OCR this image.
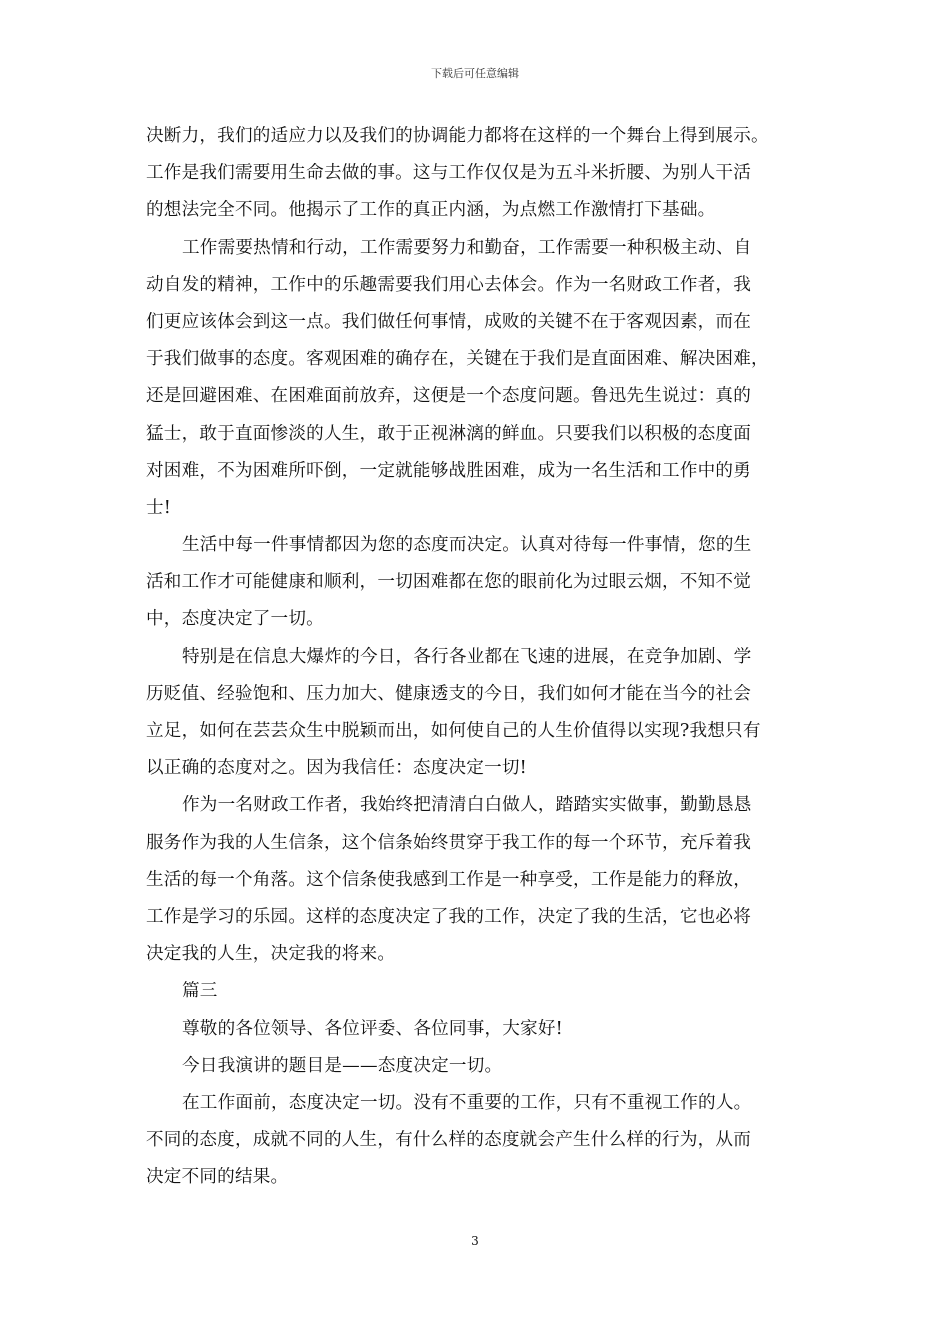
下载后可任意编辑
决断力，我们的适应力以及我们的协调能力都将在这样的一个舞台上得到展示。
工作是我们需要用生命去做的事。这与工作仅仅是为五斗米折腰、为别人干活
的想法完全不同。他揭示了工作的真正内涵，为点燃工作激情打下基础。
工作需要热情和行动，工作需要努力和勤奋，工作需要一种积极主动、自
动自发的精神，工作中的乐趣需要我们用心去体会。作为一名财政工作者，我
们更应该体会到这一点。我们做任何事情，成败的关键不在于客观因素，而在
于我们做事的态度。客观困难的确存在，关键在于我们是直面困难、解决困难，
还是回避困难、在困难面前放弃，这便是一个态度问题。鲁迅先生说过：真的
猛士，敢于直面惨淡的人生，敢于正视淋漓的鲜血。只要我们以积极的态度面
对困难，不为困难所吓倒，一定就能够战胜困难，成为一名生活和工作中的勇
士!
生活中每一件事情都因为您的态度而决定。认真对待每一件事情，您的生
活和工作才可能健康和顺利，一切困难都在您的眼前化为过眼云烟，不知不觉
中，态度决定了一切。
特别是在信息大爆炸的今日，各行各业都在飞速的进展，在竞争加剧、学
历贬值、经验饱和、压力加大、健康透支的今日，我们如何才能在当今的社会
立足，如何在芸芸众生中脱颖而出，如何使自己的人生价值得以实现?我想只有
以正确的态度对之。因为我信任：态度决定一切!
作为一名财政工作者，我始终把清清白白做人，踏踏实实做事，勤勤恳恳
服务作为我的人生信条，这个信条始终贯穿于我工作的每一个环节，充斥着我
生活的每一个角落。这个信条使我感到工作是一种享受，工作是能力的释放，
工作是学习的乐园。这样的态度决定了我的工作，决定了我的生活，它也必将
决定我的人生，决定我的将来。
篇三
尊敬的各位领导、各位评委、各位同事，大家好!
今日我演讲的题目是——态度决定一切。
在工作面前，态度决定一切。没有不重要的工作，只有不重视工作的人。
不同的态度，成就不同的人生，有什么样的态度就会产生什么样的行为，从而
决定不同的结果。
3
